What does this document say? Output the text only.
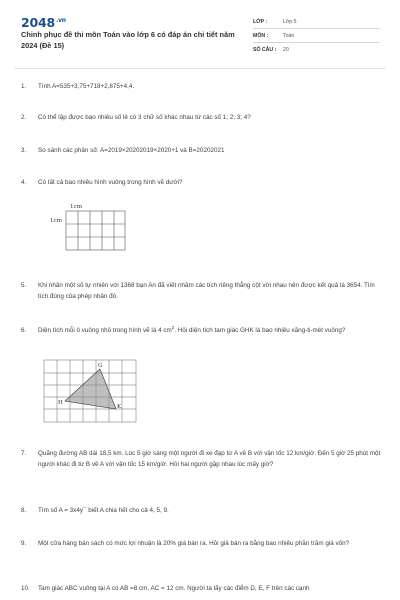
$2048^{.vn}$
Chinh phục đề thi môn Toán vào lớp 6 có đáp án chi tiết năm 2024 (Đề 15)
LỚP :	Lớp 5
MÔN :	Toán
SỐ CÂU :	20
1. Tính A=535+3,75+718+2,875+4,4.
2. Có thể lập được bao nhiêu số lẻ có 3 chữ số khác nhau từ các số 1; 2; 3; 4?
3. So sánh các phân số: A=2019×20202019×2020+1 và B=20202021
4. Có tất cả bao nhiêu hình vuông trong hình vẽ dưới?
1cm
1cm
5. Khi nhân một số tự nhiên với 1368 bạn An đã viết nhầm các tích riêng thẳng cột với nhau nên được kết quả là 3654. Tìm tích đúng của phép nhân đó.
6. Diện tích mỗi ô vuông nhỏ trong hình vẽ là 4 $cm^2$. Hỏi diện tích tam giác GHK là bao nhiêu xăng-ti-mét vuông?
G
H
K
7. Quãng đường AB dài 18,5 km. Lúc 5 giờ sáng một người đi xe đạp từ A về B với vận tốc 12 km/giờ. Đến 5 giờ 25 phút một người khác đi từ B về A với vận tốc 15 km/giờ. Hỏi hai người gặp nhau lúc mấy giờ?
8. Tìm số A = 3x4y¯ biết A chia hết cho cả 4, 5, 9.
9. Một cửa hàng bán sách có mức lợi nhuận là 20% giá bán ra. Hỏi giá bán ra bằng bao nhiêu phần trăm giá vốn?
10. Tam giác ABC vuông tại A có AB =8 cm, AC = 12 cm. Người ta lấy các điểm D, E, F trên các cạnh
